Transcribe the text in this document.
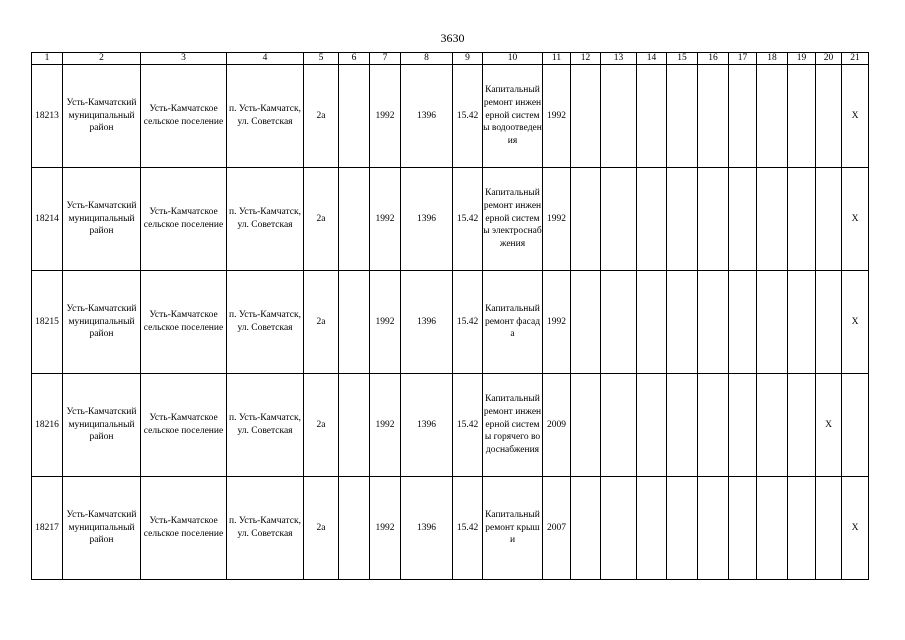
3630
1	2	3	4	5	6	7	8	9	10	11	12	13	14	15	16	17	18	19	20	21
18213	Усть-Камчатский муниципальный район	Усть-Камчатское сельское поселение	п. Усть-Камчатск, ул. Советская	2a		1992	1396	15.42	Капитальный ремонт инженерной системы водоотведения	1992										X
18214	Усть-Камчатский муниципальный район	Усть-Камчатское сельское поселение	п. Усть-Камчатск, ул. Советская	2a		1992	1396	15.42	Капитальный ремонт инженерной системы электроснабжения	1992										X
18215	Усть-Камчатский муниципальный район	Усть-Камчатское сельское поселение	п. Усть-Камчатск, ул. Советская	2a		1992	1396	15.42	Капитальный ремонт фасада	1992										X
18216	Усть-Камчатский муниципальный район	Усть-Камчатское сельское поселение	п. Усть-Камчатск, ул. Советская	2a		1992	1396	15.42	Капитальный ремонт инженерной системы горячего водоснабжения	2009									X	
18217	Усть-Камчатский муниципальный район	Усть-Камчатское сельское поселение	п. Усть-Камчатск, ул. Советская	2a		1992	1396	15.42	Капитальный ремонт крыши	2007										X
